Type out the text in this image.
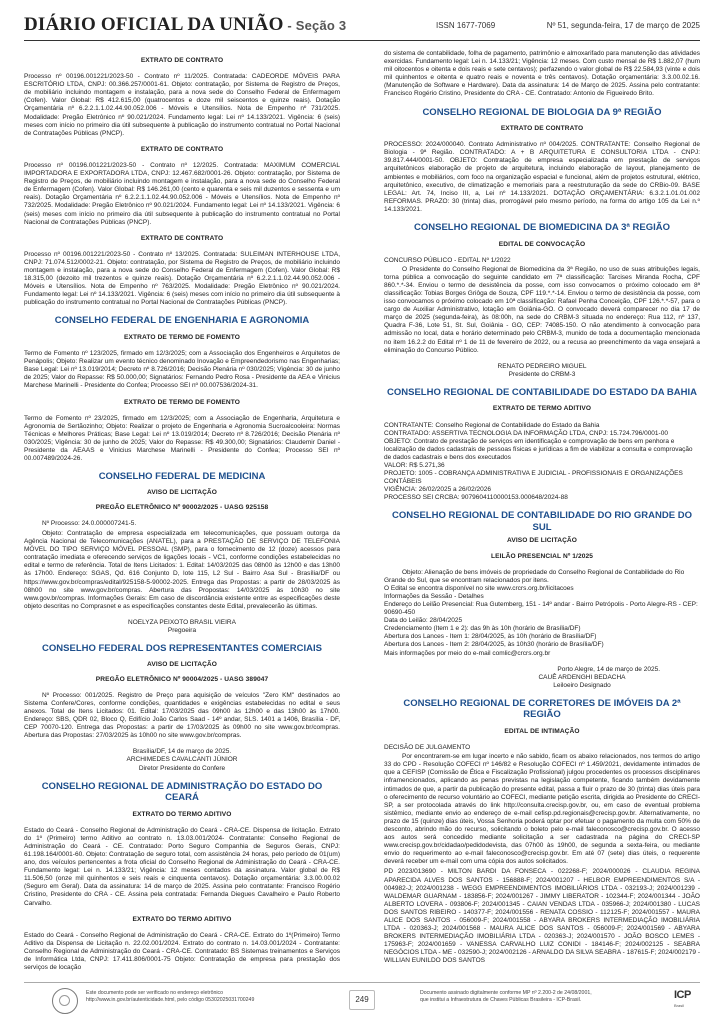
DIÁRIO OFICIAL DA UNIÃO - Seção 3	ISSN 1677-7069	Nº 51, segunda-feira, 17 de março de 2025
EXTRATO DE CONTRATO

Processo nº 00196.001221/2023-50 - Contrato nº 11/2025. Contratada: CADEORDE MÓVEIS PARA ESCRITÓRIO LTDA, CNPJ: 00.366.257/0001-61. Objeto: contratação, por Sistema de Registro de Preços, de mobiliário incluindo montagem e instalação, para a nova sede do Conselho Federal de Enfermagem (Cofen). Valor Global: R$ 412.615,00 (quatrocentos e doze mil seiscentos e quinze reais). Dotação Orçamentária nº 6.2.2.1.1.02.44.90.052.006 - Móveis e Utensílios. Nota de Empenho nº 731/2025. Modalidade: Pregão Eletrônico nº 90.021/2024. Fundamento legal: Lei nº 14.133/2021. Vigência: 6 (seis) meses com início no primeiro dia útil subsequente à publicação do instrumento contratual no Portal Nacional de Contratações Públicas (PNCP).

EXTRATO DE CONTRATO

Processo nº 00196.001221/2023-50 - Contrato nº 12/2025. Contratada: MAXIMUM COMERCIAL IMPORTADORA E EXPORTADORA LTDA, CNPJ: 12.467.682/0001-26. Objeto: contratação, por Sistema de Registro de Preços, de mobiliário incluindo montagem e instalação, para a nova sede do Conselho Federal de Enfermagem (Cofen). Valor Global: R$ 146.261,00 (cento e quarenta e seis mil duzentos e sessenta e um reais). Dotação Orçamentária nº 6.2.2.1.1.02.44.90.052.006 - Móveis e Utensílios. Nota de Empenho nº 732/2025. Modalidade: Pregão Eletrônico nº 90.021/2024. Fundamento legal: Lei nº 14.133/2021. Vigência: 6 (seis) meses com início no primeiro dia útil subsequente à publicação do instrumento contratual no Portal Nacional de Contratações Públicas (PNCP).

EXTRATO DE CONTRATO

Processo nº 00196.001221/2023-50 - Contrato nº 13/2025. Contratada: SULEIMAN INTERHOUSE LTDA, CNPJ: 71.074.512/0002-21. Objeto: contratação, por Sistema de Registro de Preços, de mobiliário incluindo montagem e instalação, para a nova sede do Conselho Federal de Enfermagem (Cofen). Valor Global: R$ 18.315,00 (dezoito mil trezentos e quinze reais). Dotação Orçamentária nº 6.2.2.1.1.02.44.90.052.006 - Móveis e Utensílios. Nota de Empenho nº 763/2025. Modalidade: Pregão Eletrônico nº 90.021/2024. Fundamento legal: Lei nº 14.133/2021. Vigência: 6 (seis) meses com início no primeiro dia útil subsequente à publicação do instrumento contratual no Portal Nacional de Contratações Públicas (PNCP).

CONSELHO FEDERAL DE ENGENHARIA E AGRONOMIA
EXTRATO DE TERMO DE FOMENTO

Termo de Fomento nº 123/2025, firmado em 12/3/2025; com a Associação dos Engenheiros e Arquitetos de Penápolis; Objeto: Realizar um evento técnico denominado Inovação e Empreendedorismo nas Engenharias; Base Legal: Lei nº 13.019/2014; Decreto nº 8.726/2016; Decisão Plenária nº 030/2025; Vigência: 30 de junho de 2025; Valor do Repasse: R$ 50.000,00; Signatários: Fernando Pedro Rosa - Presidente da AEA e Vinicius Marchese Marinelli - Presidente do Confea; Processo SEI nº 00.007536/2024-31.

EXTRATO DE TERMO DE FOMENTO

Termo de Fomento nº 23/2025, firmado em 12/3/2025; com a Associação de Engenharia, Arquitetura e Agronomia de Sertãozinho; Objeto: Realizar o projeto de Engenharia e Agronomia Sucroalcooleira: Normas Técnicas e Melhores Práticas; Base Legal: Lei nº 13.019/2014; Decreto nº 8.726/2016; Decisão Plenária nº 030/2025; Vigência: 30 de junho de 2025; Valor do Repasse: R$ 49.300,00; Signatários: Claudemir Daniel - Presidente da AEAAS e Vinicius Marchese Marinelli - Presidente do Confea; Processo SEI nº 00.007489/2024-26.

CONSELHO FEDERAL DE MEDICINA
AVISO DE LICITAÇÃO
PREGÃO ELETRÔNICO Nº 90002/2025 - UASG 925158

Nº Processo: 24.0.000007241-5.

Objeto: Contratação de empresa especializada em telecomunicações, que possuam outorga da Agência Nacional de Telecomunicações (ANATEL), para a PRESTAÇÃO DE SERVIÇO DE TELEFONIA MÓVEL DO TIPO SERVIÇO MÓVEL PESSOAL (SMP), para o fornecimento de 12 (doze) acessos para contratação imediata e oferecendo serviços de ligações locais - VC1, conforme condições estabelecidas no edital e termo de referência. Total de Itens Licitados: 1. Edital: 14/03/2025 das 08h00 às 12h00 e das 13h00 às 17h00. Endereço: SGAS, Qd. 616 Conjunto D, lote 115, L2 Sul - Bairro Asa Sul - Brasília/DF ou https://www.gov.br/compras/edital/925158-5-90002-2025. Entrega das Propostas: a partir de 28/03/2025 às 08h00 no site www.gov.br/compras. Abertura das Propostas: 14/03/2025 às 10h30 no site www.gov.br/compras. Informações Gerais: Em caso de discordância existente entre as especificações deste objeto descritas no Comprasnet e as especificações constantes deste Edital, prevalecerão às últimas.

NOELYZA PEIXOTO BRASIL VIEIRA
Pregoeira
CONSELHO FEDERAL DOS REPRESENTANTES COMERCIAIS
AVISO DE LICITAÇÃO
PREGÃO ELETRÔNICO Nº 90004/2025 - UASG 389047

Nº Processo: 001/2025. Registro de Preço para aquisição de veículos "Zero KM" destinados ao Sistema Confere/Cores, conforme condições, quantidades e exigências estabelecidas no edital e seus anexos. Total de Itens Licitados: 01. Edital: 17/03/2025 das 09h00 às 12h00 e das 13h00 às 17h00. Endereço: SBS, QDR 02, Bloco Q, Edifício João Carlos Saad - 14º andar, SLS. 1401 a 1406, Brasília - DF, CEP 70070-120. Entrega das Propostas: a partir de 17/03/2025 às 09h00 no site www.gov.br/compras. Abertura das Propostas: 27/03/2025 às 10h00 no site www.gov.br/compras.

Brasília/DF, 14 de março de 2025.
ARCHIMEDES CAVALCANTI JÚNIOR
Diretor Presidente do Confere
CONSELHO REGIONAL DE ADMINISTRAÇÃO DO ESTADO DO CEARÁ
EXTRATO DO TERMO ADITIVO

Estado do Ceará - Conselho Regional de Administração do Ceará - CRA-CE. Dispensa de licitação. Extrato do 1º (Primeiro) termo Aditivo ao contrato n. 13.03.001/2024- Contratante: Conselho Regional de Administração do Ceará - CE. Contratado: Porto Seguro Companhia de Seguros Gerais, CNPJ: 61.198.164/0001-60. Objeto: Contratação de seguro total, com assistência 24 horas, pelo período de 01(um) ano, dos veículos pertencentes a frota oficial do Conselho Regional de Administração do Ceará - CRA-CE. Fundamento legal: Lei n. 14.133/21; Vigência: 12 meses contados da assinatura. Valor global de R$ 11.506,50 (onze mil quinhentos e seis reais e cinquenta centavos). Dotação orçamentária: 3.3.00.00.02 (Seguro em Geral). Data da assinatura: 14 de março de 2025. Assina pelo contratante: Francisco Rogério Cristino, Presidente do CRA - CE. Assina pela contratada: Fernanda Diegues Cavalheiro e Paulo Roberto Carvalho.

EXTRATO DO TERMO ADITIVO

Estado do Ceará - Conselho Regional de Administração do Ceará - CRA-CE. Extrato do 1º(Primeiro) Termo Aditivo da Dispensa de Licitação n. 22.02.001/2024. Extrato do contrato n. 14.03.001/2024 - Contratante: Conselho Regional de Administração do Ceará - CRA-CE. Contratado: BS Sistemas treinamentos e Serviços de Informática Ltda, CNPJ: 17.411.806/0001-75 Objeto: Contratação de empresa para prestação dos serviços de locação

do sistema de contabilidade, folha de pagamento, patrimônio e almoxarifado para manutenção das atividades exercidas. Fundamento legal: Lei n. 14.133/21; Vigência: 12 meses. Com custo mensal de R$ 1.882,07 (hum mil oitocentos e oitenta e dois reais e sete centavos); perfazendo o valor global de R$ 22.584,93 (vinte e dois mil quinhentos e oitenta e quatro reais e noventa e três centavos). Dotação orçamentária: 3.3.00.02.16.(Manutenção de Software e Hardware). Data da assinatura: 14 de Março de 2025. Assina pelo contratante: Francisco Rogério Cristino, Presidente do CRA - CE. Contratado: Antonio de Figueiredo Brito.

CONSELHO REGIONAL DE BIOLOGIA DA 9ª REGIÃO
EXTRATO DE CONTRATO

PROCESSO: 2024/000040. Contrato Administrativo nº 004/2025. CONTRATANTE: Conselho Regional de Biologia - 9ª Região. CONTRATADO: A + B ARQUITETURA E CONSULTORIA LTDA - CNPJ: 39.817.444/0001-50. OBJETO: Contratação de empresa especializada em prestação de serviços arquitetônicos elaboração de projeto de arquitetura, incluindo elaboração de layout, planejamento de ambientes e mobiliários, com foco na organização espacial e funcional, além de projetos estrutural, elétrico, arquitetônico, executivo, de climatização e memoriais para a reestruturação da sede do CRBio-09. BASE LEGAL: Art. 74, Inciso III, a, Lei nº 14.133/2021. DOTAÇÃO ORÇAMENTÁRIA: 6.3.2.1.01.01.002 REFORMAS. PRAZO: 30 (trinta) dias, prorrogável pelo mesmo período, na forma do artigo 105 da Lei n.º 14.133/2021.

CONSELHO REGIONAL DE BIOMEDICINA DA 3ª REGIÃO
EDITAL DE CONVOCAÇÃO

CONCURSO PÚBLICO - EDITAL Nº 1/2022

O Presidente do Conselho Regional de Biomedicina da 3ª Região, no uso de suas atribuições legais, torna pública a convocação do seguinte candidato em 7ª classificação: Tarcises Miranda Rocha, CPF 860.*.*-34. Enviou o termo de desistência da posse, com isso convocamos o próximo colocado em 8ª classificação: Tobias Borges Griôga de Souza, CPF 119.*.*-14. Enviou o termo de desistência da posse, com isso convocamos o próximo colocado em 10ª classificação: Rafael Penha Conceição, CPF 126.*.*-57, para o cargo de Auxiliar Administrativo, lotação em Goiânia-GO. O convocado deverá comparecer no dia 17 de março de 2025 (segunda-feira), às 08:00h, na sede do CRBM-3 situada no endereço: Rua 112, nº 137, Quadra F-36, Lote 51, St. Sul, Goiânia - GO, CEP: 74085-150. O não atendimento à convocação para admissão no local, data e horário determinado pelo CRBM-3, munido de toda a documentação mencionada no item 16.2.2 do Edital nº 1 de 11 de fevereiro de 2022, ou a recusa ao preenchimento da vaga ensejará a eliminação do Concurso Público.

RENATO PEDREIRO MIGUEL
Presidente do CRBM-3
CONSELHO REGIONAL DE CONTABILIDADE DO ESTADO DA BAHIA
EXTRATO DE TERMO ADITIVO

CONTRATANTE: Conselho Regional de Contabilidade do Estado da Bahia
CONTRATADO: ASSERTIVA TECNOLOGIA DA INFORMAÇÃO LTDA, CNPJ: 15.724.796/0001-00
OBJETO: Contrato de prestação de serviços em identificação e comprovação de bens em penhora e localização de dados cadastrais de pessoas físicas e jurídicas a fim de viabilizar a consulta e comprovação de dados cadastrais e bens dos executados
VALOR: R$ 5.271,36
PROJETO: 1005 - COBRANÇA ADMINISTRATIVA E JUDICIAL - PROFISSIONAIS E ORGANIZAÇÕES CONTÁBEIS
VIGÊNCIA: 26/02/2025 a 26/02/2026
PROCESSO SEI CRCBA: 9079604110000153.000648/2024-88

CONSELHO REGIONAL DE CONTABILIDADE DO RIO GRANDE DO SUL
AVISO DE LICITAÇÃO
LEILÃO PRESENCIAL Nº 1/2025

Objeto: Alienação de bens imóveis de propriedade do Conselho Regional de Contabilidade do Rio Grande do Sul, que se encontram relacionados por itens.
O Edital se encontra disponível no site www.crcrs.org.br/licitacoes
Informações da Sessão - Detalhes
Endereço do Leilão Presencial: Rua Gutemberg, 151 - 14º andar - Bairro Petrópolis - Porto Alegre-RS - CEP: 90690-450
Data do Leilão: 28/04/2025
Credenciamento (Item 1 e 2): das 9h às 10h (horário de Brasília/DF)
Abertura dos Lances - Item 1: 28/04/2025, às 10h (horário de Brasília/DF)
Abertura dos Lances - Item 2: 28/04/2025, às 10h30 (horário de Brasília/DF)
Mais informações por meio do e-mail comlic@crcrs.org.br

Porto Alegre, 14 de março de 2025.
CAUÊ ARDENGHI BEDACHA
Leiloeiro Designado
CONSELHO REGIONAL DE CORRETORES DE IMÓVEIS DA 2ª REGIÃO
EDITAL DE INTIMAÇÃO

DECISÃO DE JULGAMENTO

Por encontrarem-se em lugar incerto e não sabido, ficam os abaixo relacionados, nos termos do artigo 33 do CPD - Resolução COFECI nº 146/82 e Resolução COFECI nº 1.459/2021, devidamente intimados de que a CEFISP (Comissão de Ética e Fiscalização Profissional) julgou procedentes os processos disciplinares inframencionados, aplicando as penas previstas na legislação competente, ficando também devidamente intimados de que, a partir da publicação do presente edital, passa a fluir o prazo de 30 (trinta) dias úteis para o oferecimento de recurso voluntário ao COFECI, mediante petição escrita, dirigida ao Presidente do CRECI-SP, a ser protocolada através do link http://consulta.crecisp.gov.br, ou, em caso de eventual problema sistêmico, mediante envio ao endereço de e-mail cefisp.pd.regionais@crecisp.gov.br. Alternativamente, no prazo de 15 (quinze) dias úteis, Vossa Senhoria poderá optar por efetuar o pagamento da multa com 50% de desconto, abrindo mão do recurso, solicitando o boleto pelo e-mail faleconosco@crecisp.gov.br. O acesso aos autos será concedido mediante solicitação a ser cadastrada na página do CRECI-SP www.crecisp.gov.br/cidadao/pedidodevista, das 07h00 às 19h00, de segunda a sexta-feira, ou mediante envio do requerimento ao e-mail faleconosco@crecisp.gov.br. Em até 07 (sete) dias úteis, o requerente deverá receber um e-mail com uma cópia dos autos solicitados.

PD 2023/013690 - MILTON BARDI DA FONSECA - 022268-F; 2024/000026 - CLAUDIA REGINA APARECIDA ALVES DOS SANTOS - 156888-F; 2024/001207 - HELBOR EMPREENDIMENTOS S/A - 004982-J; 2024/001238 - WEGG EMPREENDIMENTOS IMOBILIÁRIOS LTDA - 032193-J; 2024/001239 - WALDEMAR GUARNAM - 183856-F; 2024/001267 - JIMMY LIBERATOR - 102344-F; 2024/001344 - JOÃO ALBERTO LOVERA - 093806-F; 2024/001345 - CAIAN VENDAS LTDA - 035966-J; 2024/001380 - LUCAS DOS SANTOS RIBEIRO - 140377-F; 2024/001556 - RENATA COSSIO - 112125-F; 2024/001557 - MAURA ALICE DOS SANTOS - 056009-F; 2024/001558 - ABYARA BROKERS INTERMEDIAÇÃO IMOBILIÁRIA LTDA - 020363-J; 2024/001568 - MAURA ALICE DOS SANTOS - 056009-F; 2024/001569 - ABYARA BROKERS INTERMEDIAÇÃO IMOBILIÁRIA LTDA - 020363-J; 2024/001570 - JOÃO BOSCO LEMES - 175963-F; 2024/001659 - VANESSA CARVALHO LUIZ CONIDI - 184146-F; 2024/002125 - SEABRA NEGÓCIOS LTDA - ME - 032590-J; 2024/002126 - ARNALDO DA SILVA SEABRA - 187615-F; 2024/002179 - WILLIAN EUNILDO DOS SANTOS

Este documento pode ser verificado no endereço eletrônico
http://www.in.gov.br/autenticidade.html, pelo código 05302025031700249	249
Documento assinado digitalmente conforme MP nº 2.200-2 de 24/08/2001,
que institui a Infraestrutura de Chaves Públicas Brasileira - ICP-Brasil.	ICP
Brasil
